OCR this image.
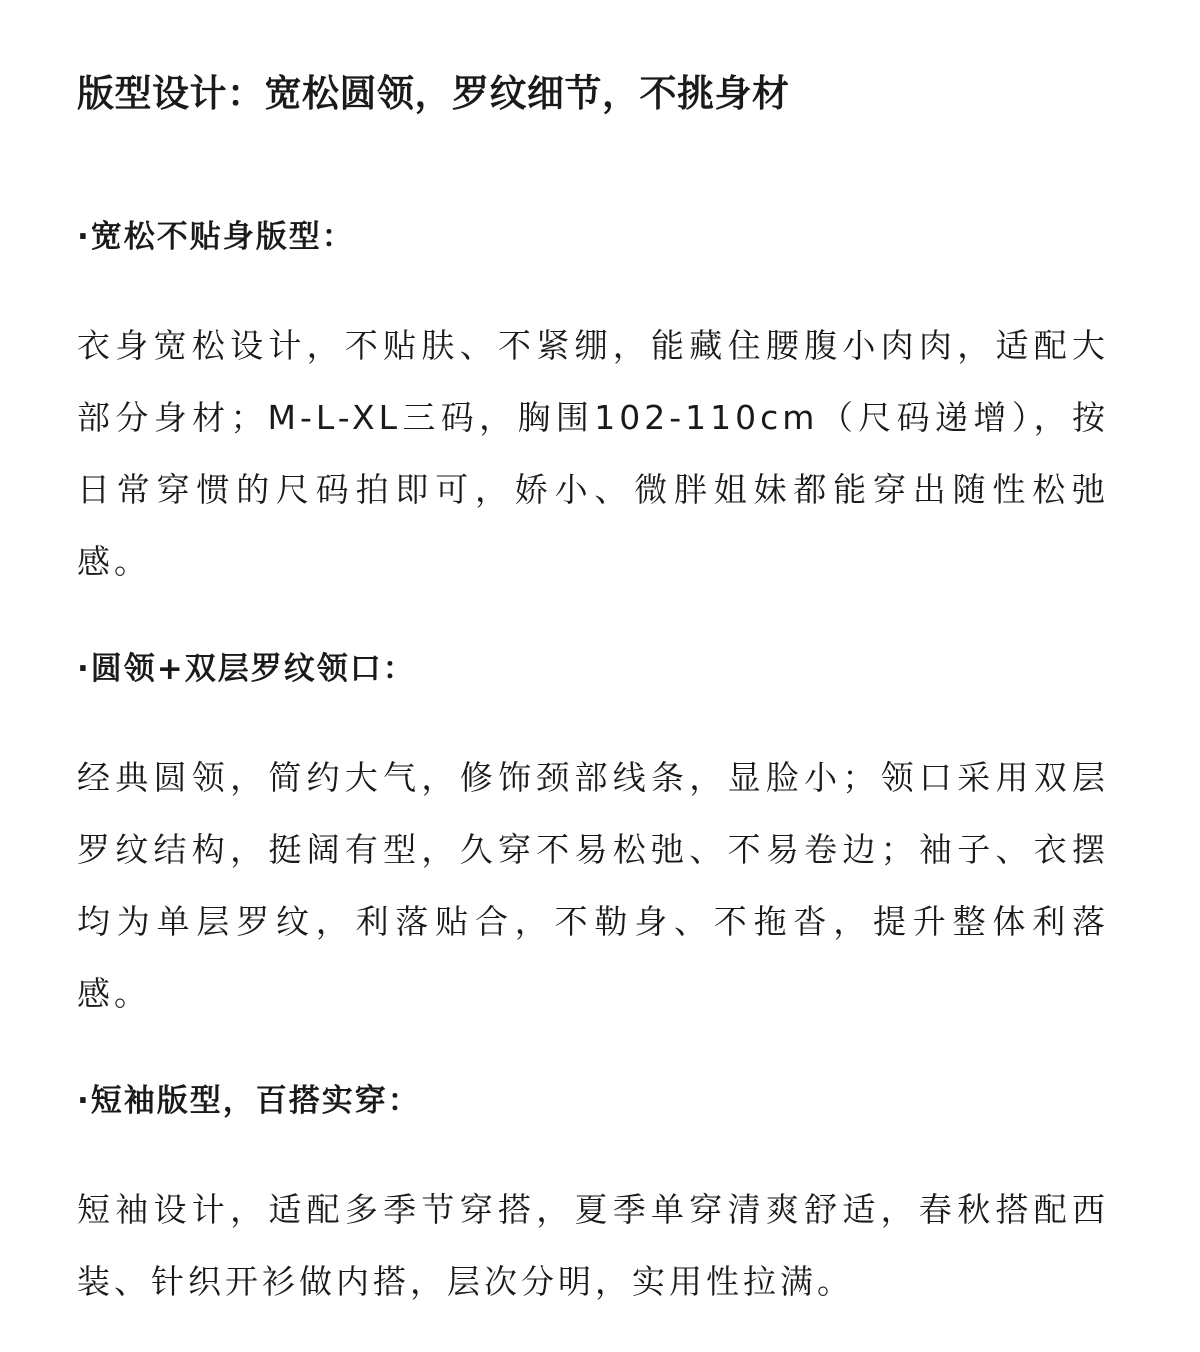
版型设计：宽松圆领，罗纹细节，不挑身材
·宽松不贴身版型：

衣身宽松设计，不贴肤、不紧绷，能藏住腰腹小肉肉，适配大部分身材；M-L-XL三码，胸围102-110cm（尺码递增），按日常穿惯的尺码拍即可，娇小、微胖姐妹都能穿出随性松弛感。

·圆领+双层罗纹领口：

经典圆领，简约大气，修饰颈部线条，显脸小；领口采用双层罗纹结构，挺阔有型，久穿不易松弛、不易卷边；袖子、衣摆均为单层罗纹，利落贴合，不勒身、不拖沓，提升整体利落感。

·短袖版型，百搭实穿：

短袖设计，适配多季节穿搭，夏季单穿清爽舒适，春秋搭配西装、针织开衫做内搭，层次分明，实用性拉满。
